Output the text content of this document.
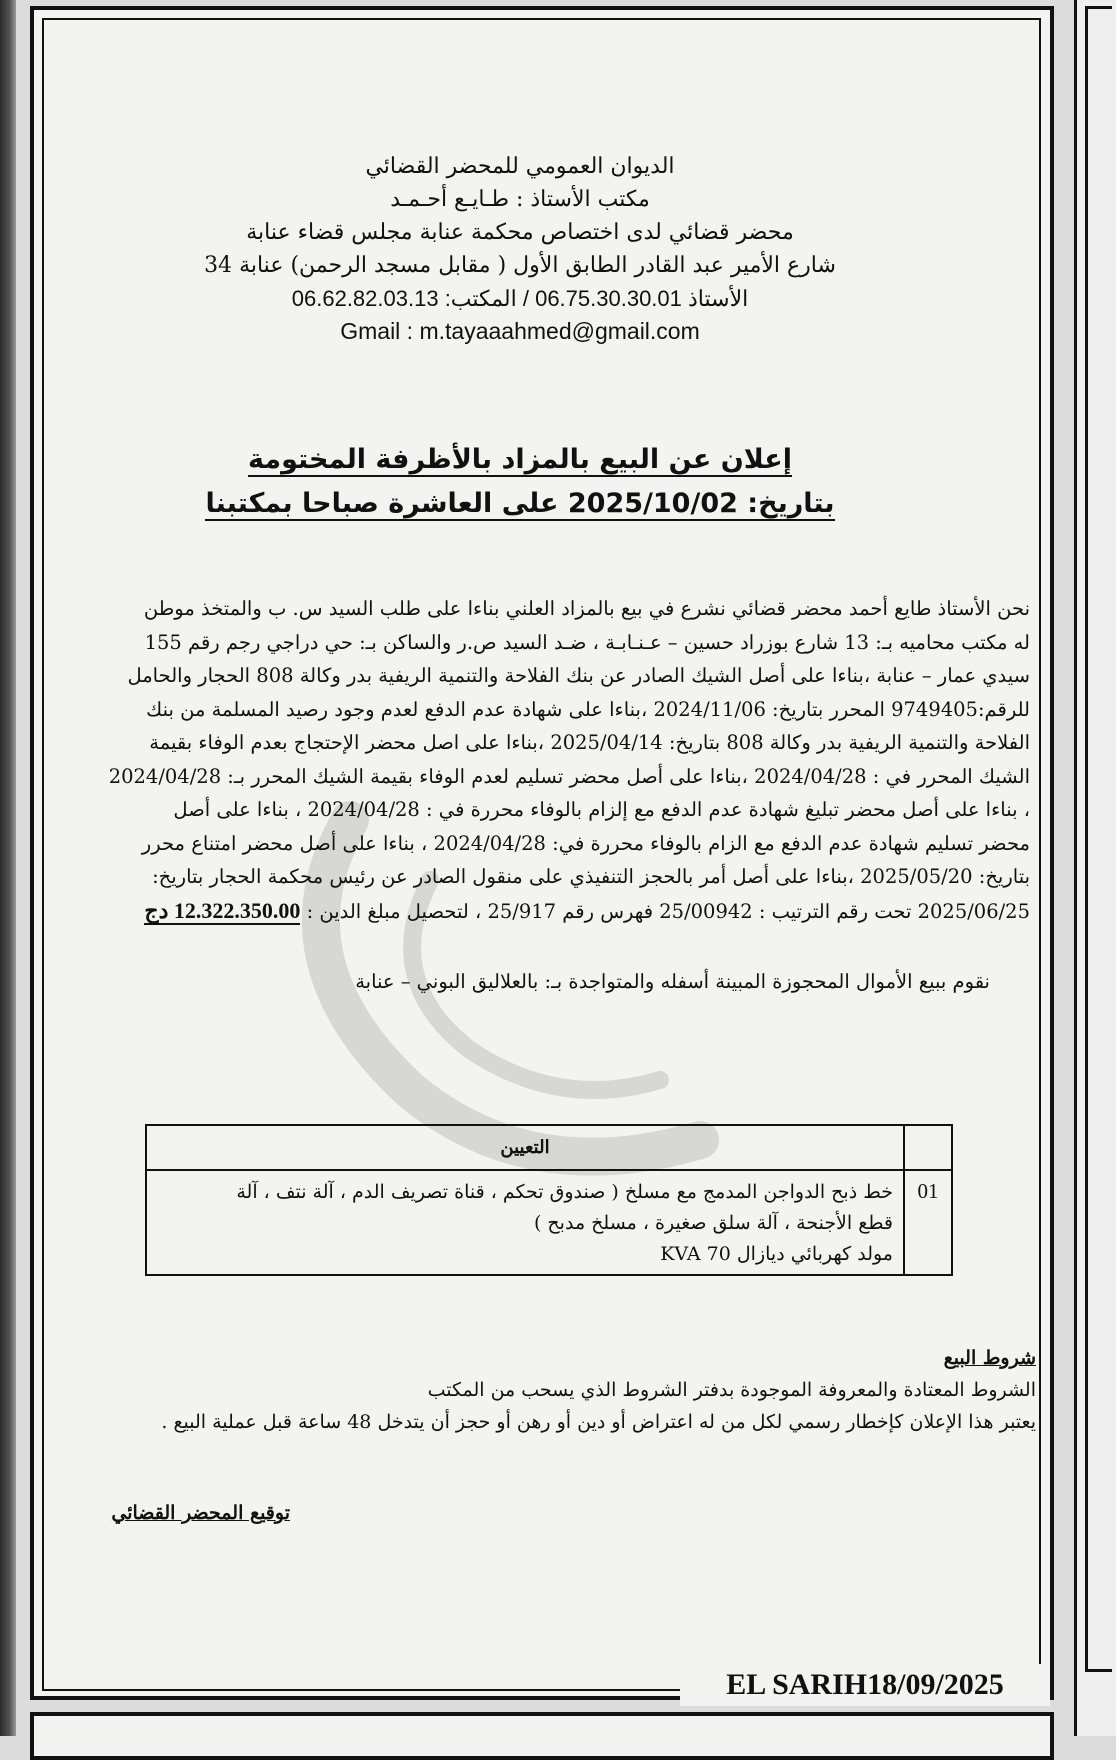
الديوان العمومي للمحضر القضائي
مكتب الأستاذ : طـايـع أحـمـد
محضر قضائي لدى اختصاص محكمة عنابة مجلس قضاء عنابة
34 شارع الأمير عبد القادر الطابق الأول ( مقابل مسجد الرحمن) عنابة
الأستاذ 06.75.30.30.01 / المكتب: 06.62.82.03.13
Gmail : m.tayaaahmed@gmail.com
إعلان عن البيع بالمزاد بالأظرفة المختومة
بتاريخ: 2025/10/02 على العاشرة صباحا بمكتبنا
نحن الأستاذ طايع أحمد محضر قضائي نشرع في بيع بالمزاد العلني بناءا على طلب السيد س. ب والمتخذ موطن
له مكتب محاميه بـ: 13 شارع بوزراد حسين – عـنـابـة ، ضـد السيد ص.ر والساكن بـ: حي دراجي رجم رقم 155
سيدي عمار – عنابة ،بناءا على أصل الشيك الصادر عن بنك الفلاحة والتنمية الريفية بدر وكالة 808 الحجار والحامل
للرقم:9749405 المحرر بتاريخ: 2024/11/06 ،بناءا على شهادة عدم الدفع لعدم وجود رصيد المسلمة من بنك
الفلاحة والتنمية الريفية بدر وكالة 808 بتاريخ: 2025/04/14 ،بناءا على اصل محضر الإحتجاج بعدم الوفاء بقيمة
الشيك المحرر في : 2024/04/28 ،بناءا على أصل محضر تسليم لعدم الوفاء بقيمة الشيك المحرر بـ: 2024/04/28
، بناءا على أصل محضر تبليغ شهادة عدم الدفع مع إلزام بالوفاء محررة في : 2024/04/28 ، بناءا على أصل
محضر تسليم شهادة عدم الدفع مع الزام بالوفاء محررة في: 2024/04/28 ، بناءا على أصل محضر امتناع محرر
بتاريخ: 2025/05/20 ،بناءا على أصل أمر بالحجز التنفيذي على منقول الصادر عن رئيس محكمة الحجار بتاريخ:
2025/06/25 تحت رقم الترتيب : 25/00942 فهرس رقم 25/917 ، لتحصيل مبلغ الدين : 12.322.350.00 دج
نقوم ببيع الأموال المحجوزة المبينة أسفله والمتواجدة بـ: بالعلاليق البوني – عنابة
	التعيين
01	خط ذبح الدواجن المدمج مع مسلخ ( صندوق تحكم ، قناة تصريف الدم ، آلة نتف ، آلة
قطع الأجنحة ، آلة سلق صغيرة ، مسلخ مدبح )
مولد كهربائي ديازال 70 KVA
شروط البيع
الشروط المعتادة والمعروفة الموجودة بدفتر الشروط الذي يسحب من المكتب
يعتبر هذا الإعلان كإخطار رسمي لكل من له اعتراض أو دين أو رهن أو حجز أن يتدخل 48 ساعة قبل عملية البيع .
توقيع المحضر القضائي
EL SARIH18/09/2025
